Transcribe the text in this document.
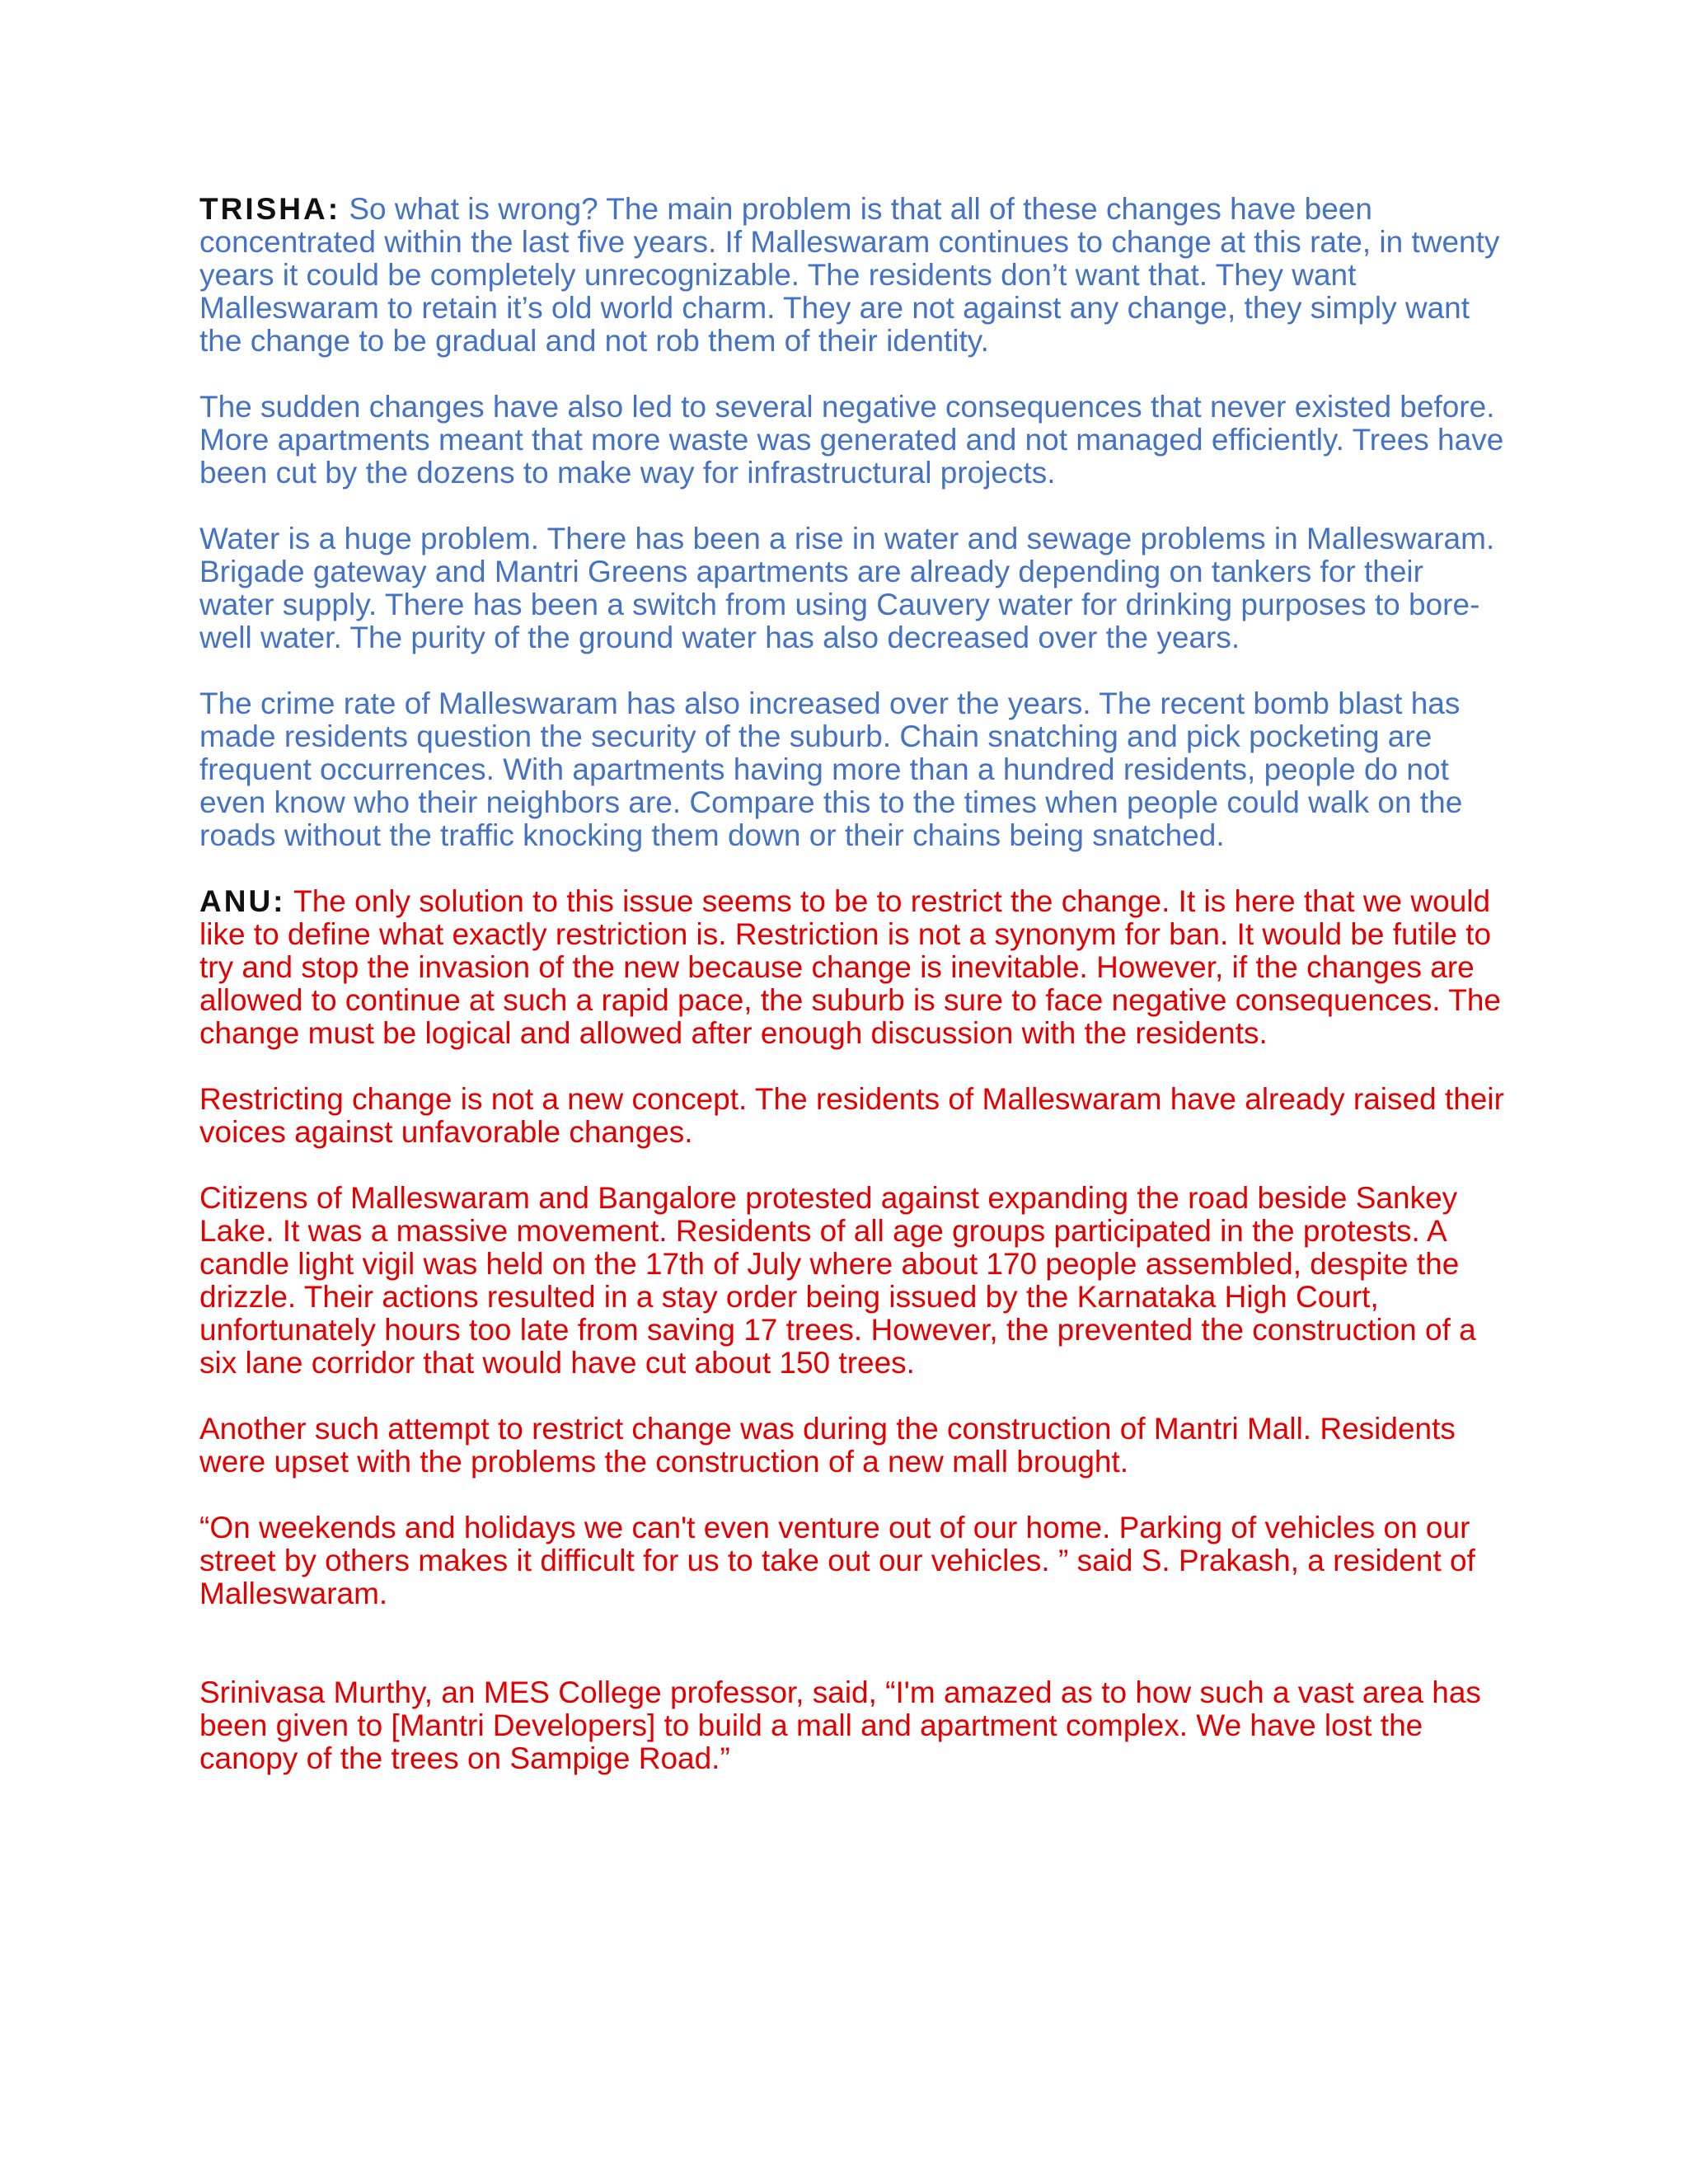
TRISHA: So what is wrong? The main problem is that all of these changes have been concentrated within the last five years. If Malleswaram continues to change at this rate, in twenty years it could be completely unrecognizable. The residents don’t want that. They want Malleswaram to retain it’s old world charm. They are not against any change, they simply want the change to be gradual and not rob them of their identity.

The sudden changes have also led to several negative consequences that never existed before. More apartments meant that more waste was generated and not managed efficiently. Trees have been cut by the dozens to make way for infrastructural projects.

Water is a huge problem. There has been a rise in water and sewage problems in Malleswaram. Brigade gateway and Mantri Greens apartments are already depending on tankers for their water supply. There has been a switch from using Cauvery water for drinking purposes to bore-well water. The purity of the ground water has also decreased over the years.

The crime rate of Malleswaram has also increased over the years. The recent bomb blast has made residents question the security of the suburb. Chain snatching and pick pocketing are frequent occurrences. With apartments having more than a hundred residents, people do not even know who their neighbors are. Compare this to the times when people could walk on the roads without the traffic knocking them down or their chains being snatched.

ANU: The only solution to this issue seems to be to restrict the change. It is here that we would like to define what exactly restriction is. Restriction is not a synonym for ban. It would be futile to try and stop the invasion of the new because change is inevitable. However, if the changes are allowed to continue at such a rapid pace, the suburb is sure to face negative consequences. The change must be logical and allowed after enough discussion with the residents.

Restricting change is not a new concept. The residents of Malleswaram have already raised their voices against unfavorable changes.

Citizens of Malleswaram and Bangalore protested against expanding the road beside Sankey Lake. It was a massive movement. Residents of all age groups participated in the protests. A candle light vigil was held on the 17th of July where about 170 people assembled, despite the drizzle. Their actions resulted in a stay order being issued by the Karnataka High Court, unfortunately hours too late from saving 17 trees. However, the prevented the construction of a six lane corridor that would have cut about 150 trees.

Another such attempt to restrict change was during the construction of Mantri Mall. Residents were upset with the problems the construction of a new mall brought.

“On weekends and holidays we can't even venture out of our home. Parking of vehicles on our street by others makes it difficult for us to take out our vehicles. ” said S. Prakash, a resident of Malleswaram.

Srinivasa Murthy, an MES College professor, said, “I'm amazed as to how such a vast area has been given to [Mantri Developers] to build a mall and apartment complex. We have lost the canopy of the trees on Sampige Road.”
